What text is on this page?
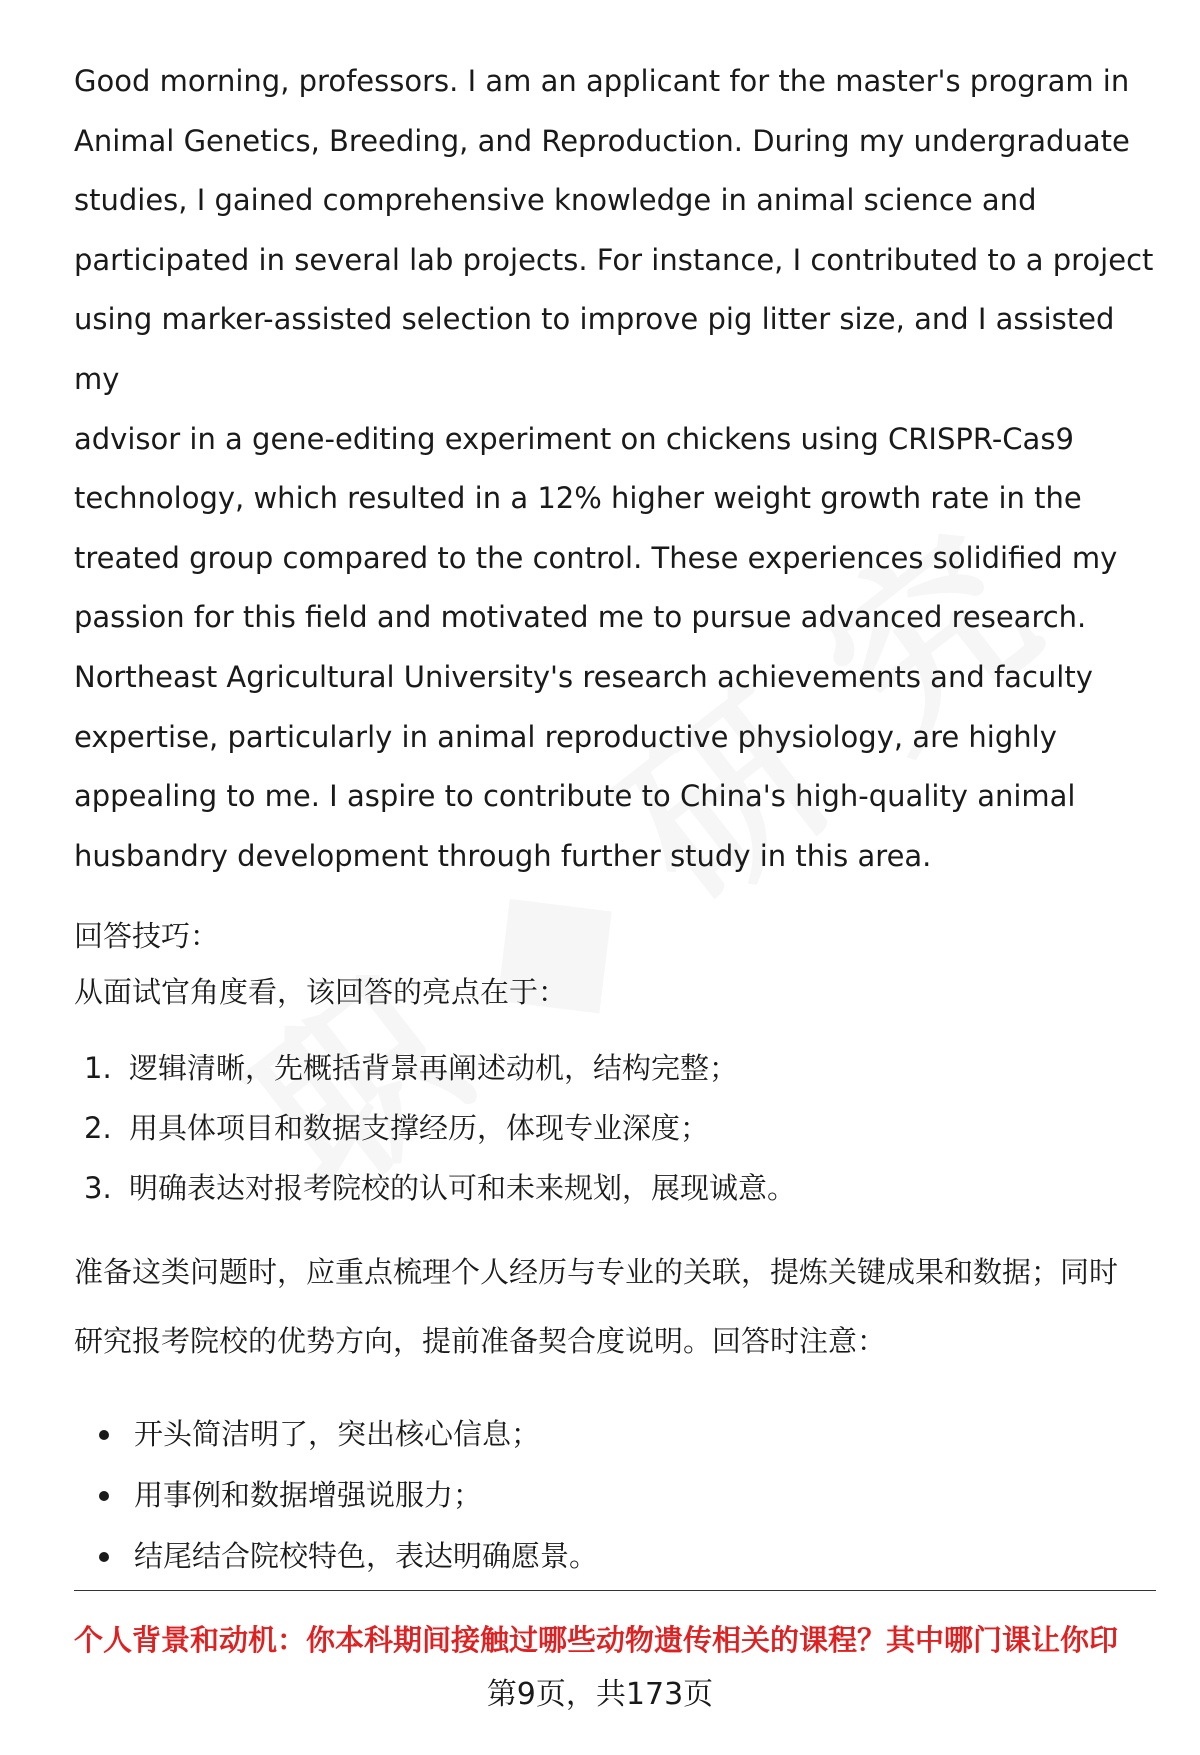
Good morning, professors. I am an applicant for the master's program in

Animal Genetics, Breeding, and Reproduction. During my undergraduate

studies, I gained comprehensive knowledge in animal science and

participated in several lab projects. For instance, I contributed to a project

using marker-assisted selection to improve pig litter size, and I assisted my

advisor in a gene-editing experiment on chickens using CRISPR-Cas9

technology, which resulted in a 12% higher weight growth rate in the

treated group compared to the control. These experiences solidified my

passion for this field and motivated me to pursue advanced research.

Northeast Agricultural University's research achievements and faculty

expertise, particularly in animal reproductive physiology, are highly

appealing to me. I aspire to contribute to China's high-quality animal

husbandry development through further study in this area.

回答技巧：
从面试官角度看，该回答的亮点在于：
1. 逻辑清晰，先概括背景再阐述动机，结构完整；
2. 用具体项目和数据支撑经历，体现专业深度；
3. 明确表达对报考院校的认可和未来规划，展现诚意。
准备这类问题时，应重点梳理个人经历与专业的关联，提炼关键成果和数据；同时
研究报考院校的优势方向，提前准备契合度说明。回答时注意：
开头简洁明了，突出核心信息；
用事例和数据增强说服力；
结尾结合院校特色，表达明确愿景。
个人背景和动机：你本科期间接触过哪些动物遗传相关的课程？其中哪门课让你印
第9页，共173页
